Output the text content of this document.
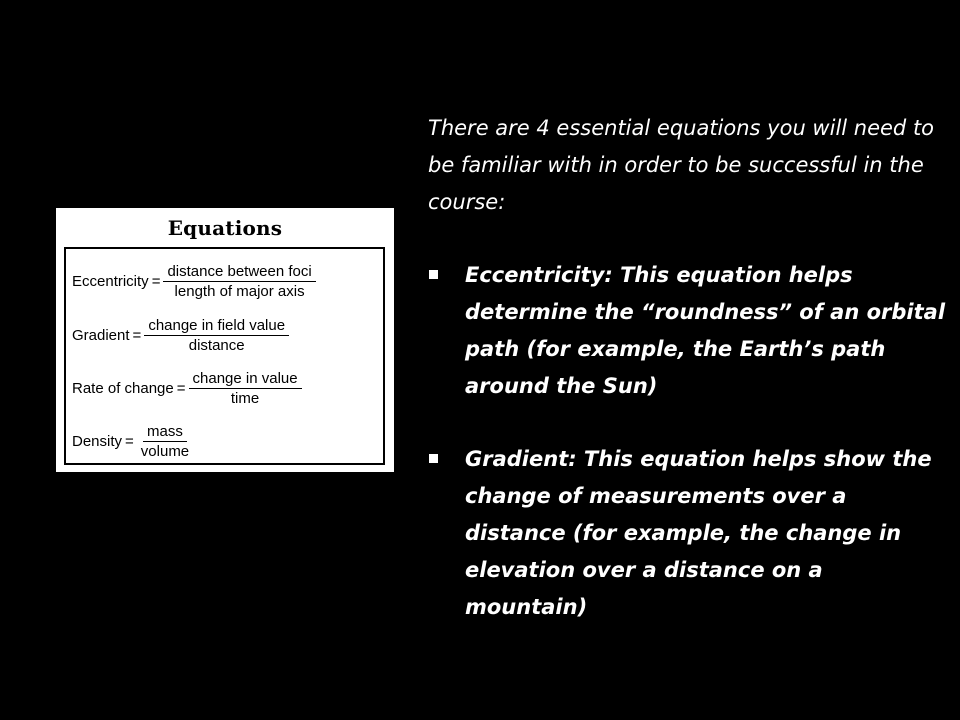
Equations
Eccentricity = $\frac{\text{distance between foci}}{\text{length of major axis}}$
Gradient = $\frac{\text{change in field value}}{\text{distance}}$
Rate of change = $\frac{\text{change in value}}{\text{time}}$
Density = $\frac{\text{mass}}{\text{volume}}$

There are 4 essential equations you will need to be familiar with in order to be successful in the course:

Eccentricity: This equation helps determine the “roundness” of an orbital path (for example, the Earth’s path around the Sun)
Gradient: This equation helps show the change of measurements over a distance (for example, the change in elevation over a distance on a mountain)
